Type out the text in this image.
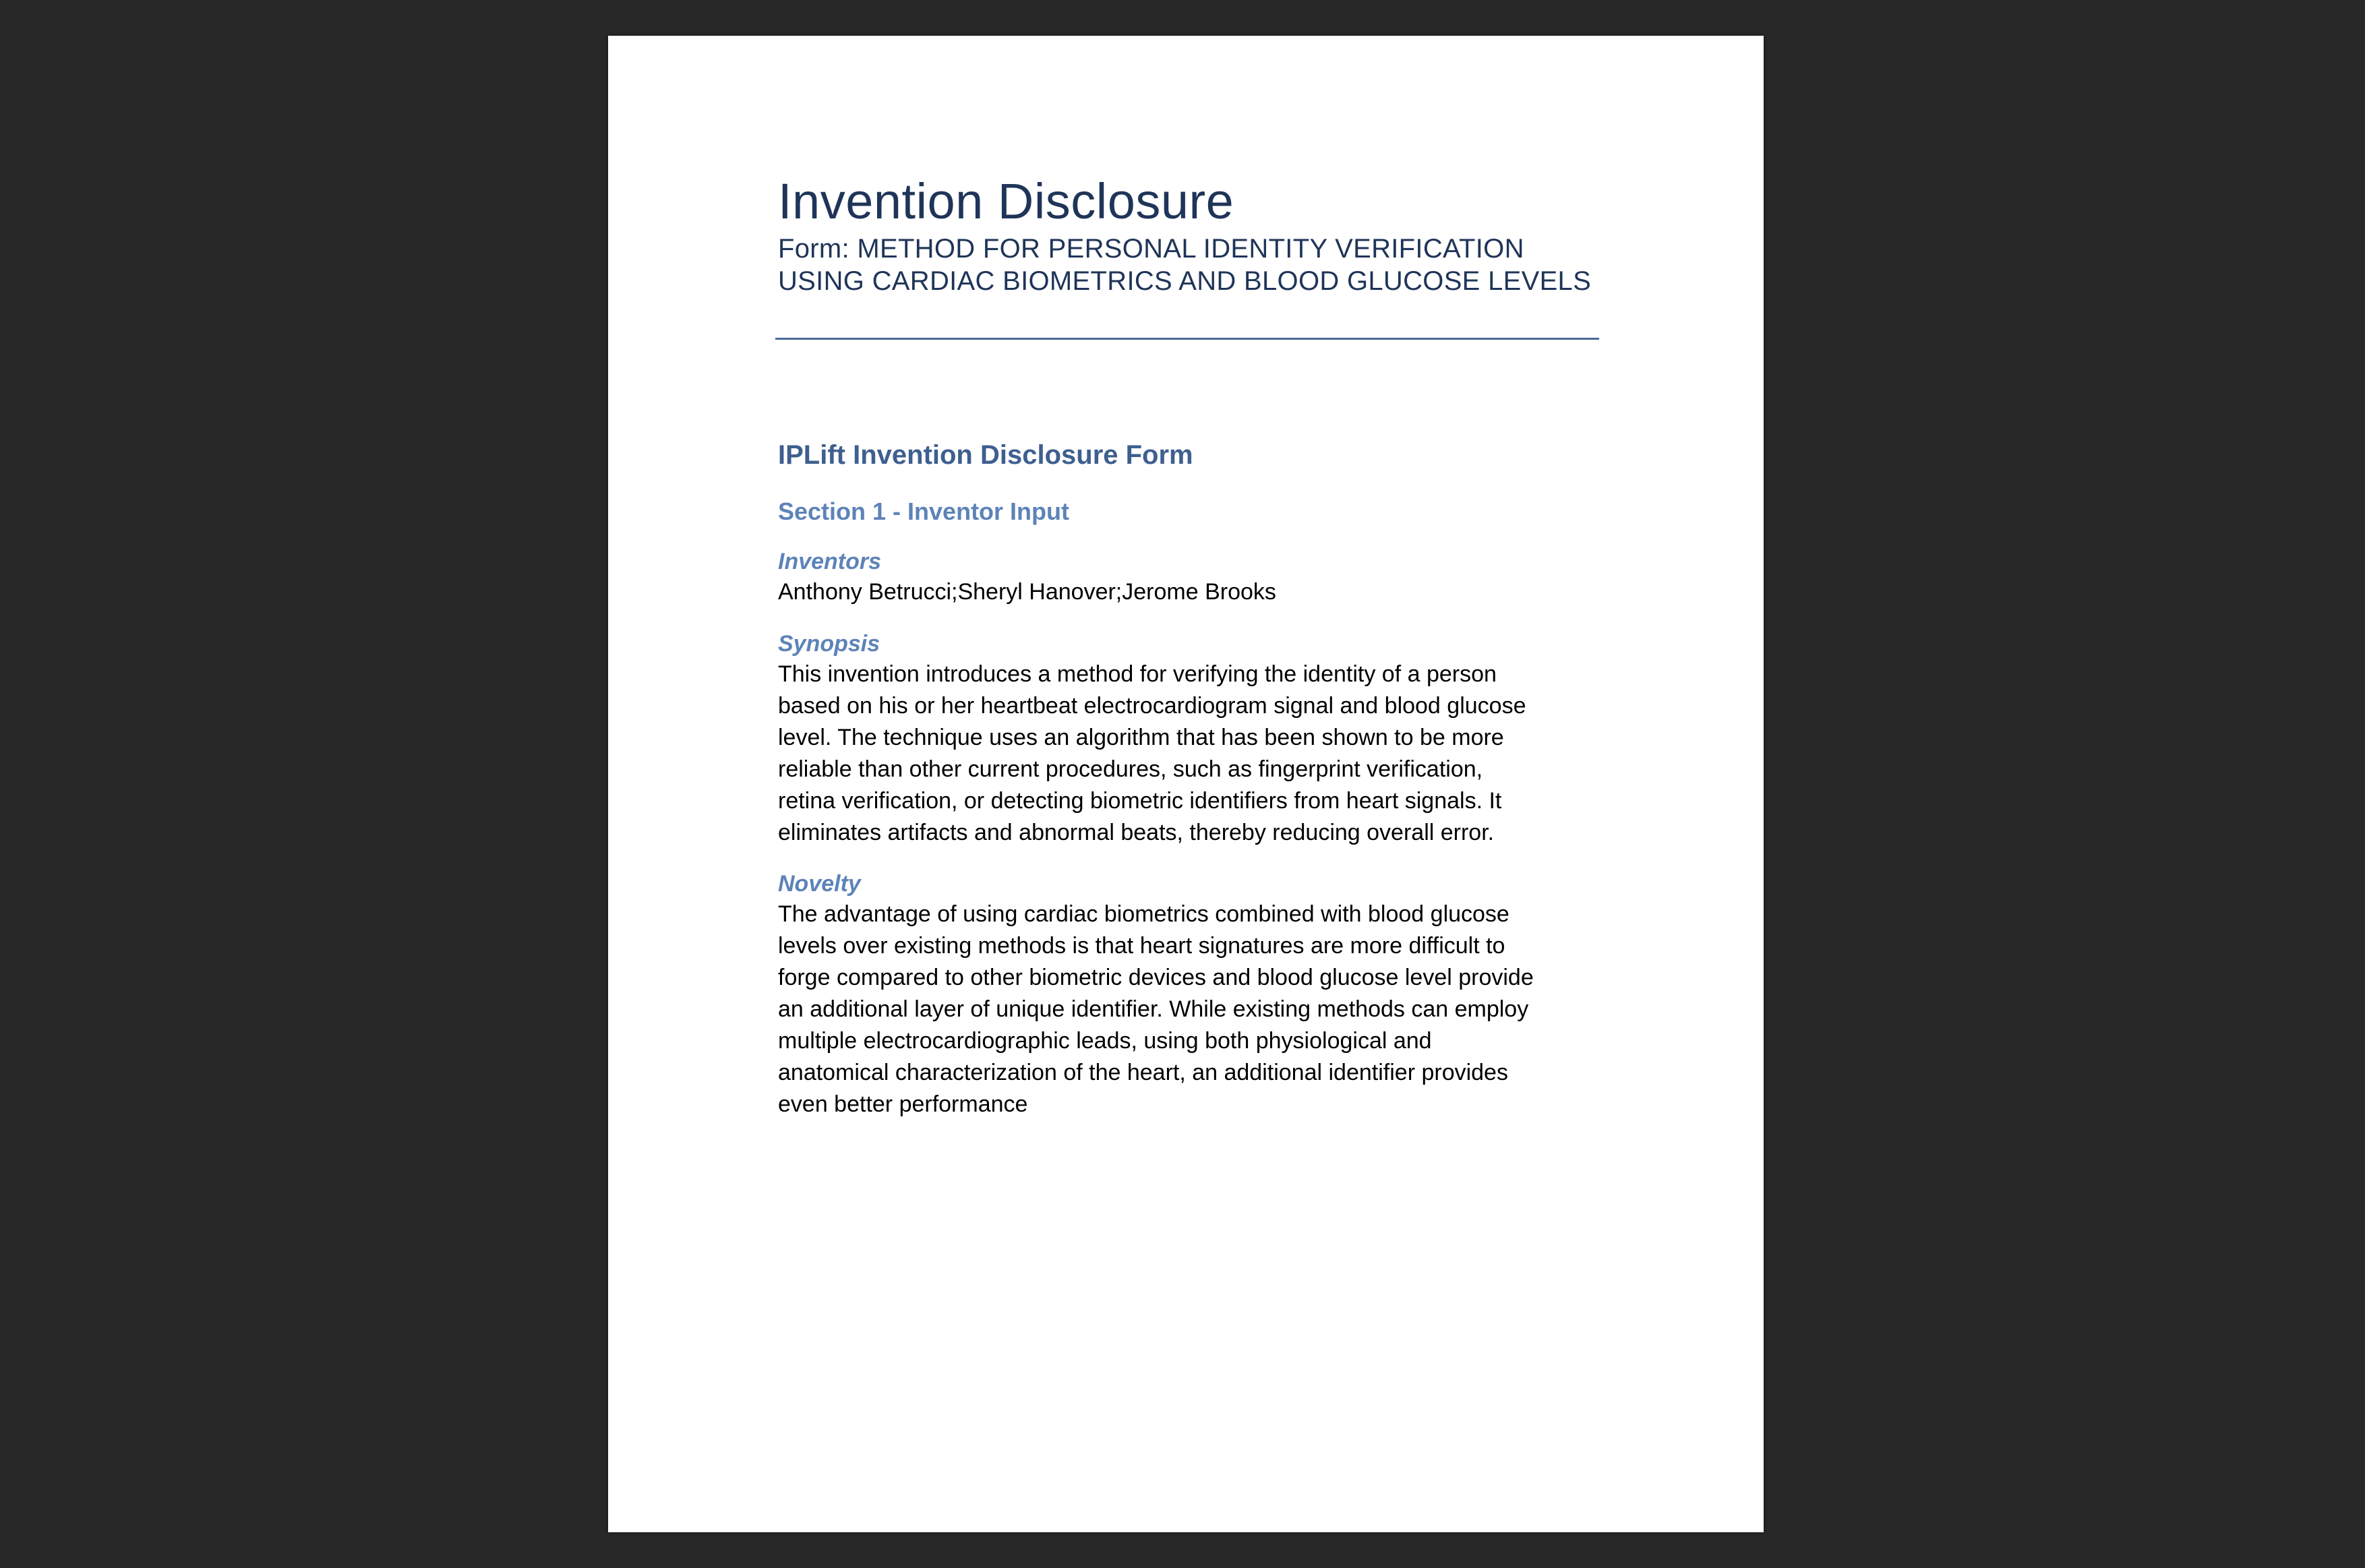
Invention Disclosure

Form: METHOD FOR PERSONAL IDENTITY VERIFICATION

USING CARDIAC BIOMETRICS AND BLOOD GLUCOSE LEVELS

IPLift Invention Disclosure Form
Section 1 - Inventor Input

Inventors

Anthony Betrucci;Sheryl Hanover;Jerome Brooks

Synopsis

This invention introduces a method for verifying the identity of a person

based on his or her heartbeat electrocardiogram signal and blood glucose

level. The technique uses an algorithm that has been shown to be more

reliable than other current procedures, such as fingerprint verification,

retina verification, or detecting biometric identifiers from heart signals. It

eliminates artifacts and abnormal beats, thereby reducing overall error.

Novelty

The advantage of using cardiac biometrics combined with blood glucose

levels over existing methods is that heart signatures are more difficult to

forge compared to other biometric devices and blood glucose level provide

an additional layer of unique identifier. While existing methods can employ

multiple electrocardiographic leads, using both physiological and

anatomical characterization of the heart, an additional identifier provides

even better performance
